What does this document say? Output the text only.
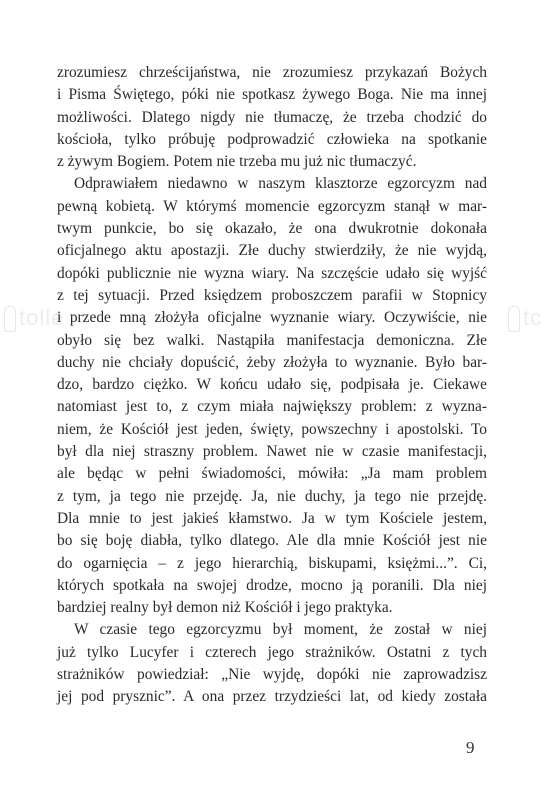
tolle	tc

zrozumiesz chrześcijaństwa, nie zrozumiesz przykazań Bożych
i Pisma Świętego, póki nie spotkasz żywego Boga. Nie ma innej
możliwości. Dlatego nigdy nie tłumaczę, że trzeba chodzić do
kościoła, tylko próbuję podprowadzić człowieka na spotkanie
z żywym Bogiem. Potem nie trzeba mu już nic tłumaczyć.

Odprawiałem niedawno w naszym klasztorze egzorcyzm nad
pewną kobietą. W którymś momencie egzorcyzm stanął w mar-
twym punkcie, bo się okazało, że ona dwukrotnie dokonała
oficjalnego aktu apostazji. Złe duchy stwierdziły, że nie wyjdą,
dopóki publicznie nie wyzna wiary. Na szczęście udało się wyjść
z tej sytuacji. Przed księdzem proboszczem parafii w Stopnicy
i przede mną złożyła oficjalne wyznanie wiary. Oczywiście, nie
obyło się bez walki. Nastąpiła manifestacja demoniczna. Złe
duchy nie chciały dopuścić, żeby złożyła to wyznanie. Było bar-
dzo, bardzo ciężko. W końcu udało się, podpisała je. Ciekawe
natomiast jest to, z czym miała największy problem: z wyzna-
niem, że Kościół jest jeden, święty, powszechny i apostolski. To
był dla niej straszny problem. Nawet nie w czasie manifestacji,
ale będąc w pełni świadomości, mówiła: „Ja mam problem
z tym, ja tego nie przejdę. Ja, nie duchy, ja tego nie przejdę.
Dla mnie to jest jakieś kłamstwo. Ja w tym Kościele jestem,
bo się boję diabła, tylko dlatego. Ale dla mnie Kościół jest nie
do ogarnięcia – z jego hierarchią, biskupami, księżmi...”. Ci,
których spotkała na swojej drodze, mocno ją poranili. Dla niej
bardziej realny był demon niż Kościół i jego praktyka.

W czasie tego egzorcyzmu był moment, że został w niej
już tylko Lucyfer i czterech jego strażników. Ostatni z tych
strażników powiedział: „Nie wyjdę, dopóki nie zaprowadzisz
jej pod prysznic”. A ona przez trzydzieści lat, od kiedy została

9
